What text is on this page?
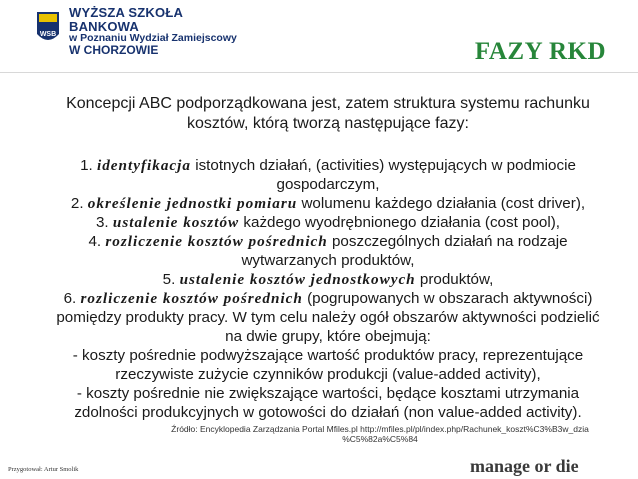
WSB
WYŻSZA SZKOŁA BANKOWA
w Poznaniu Wydział Zamiejscowy
W CHORZOWIE	FAZY RKD
Koncepcji ABC podporządkowana jest, zatem struktura systemu rachunku kosztów, którą tworzą następujące fazy:
1. identyfikacja istotnych działań, (activities) występujących w podmiocie gospodarczym,
2. określenie jednostki pomiaru wolumenu każdego działania (cost driver),
3. ustalenie kosztów każdego wyodrębnionego działania (cost pool),
4. rozliczenie kosztów pośrednich poszczególnych działań na rodzaje wytwarzanych produktów,
5. ustalenie kosztów jednostkowych produktów,
6. rozliczenie kosztów pośrednich (pogrupowanych w obszarach aktywności) pomiędzy produkty pracy. W tym celu należy ogół obszarów aktywności podzielić na dwie grupy, które obejmują:
- koszty pośrednie podwyższające wartość produktów pracy, reprezentujące rzeczywiste zużycie czynników produkcji (value-added activity),
- koszty pośrednie nie zwiększające wartości, będące kosztami utrzymania zdolności produkcyjnych w gotowości do działań (non value-added activity).
Źródło: Encyklopedia Zarządzania Portal Mfiles.pl http://mfiles.pl/pl/index.php/Rachunek_koszt%C3%B3w_dzia %C5%82a%C5%84
Przygotował: Artur Smolik	manage or die
